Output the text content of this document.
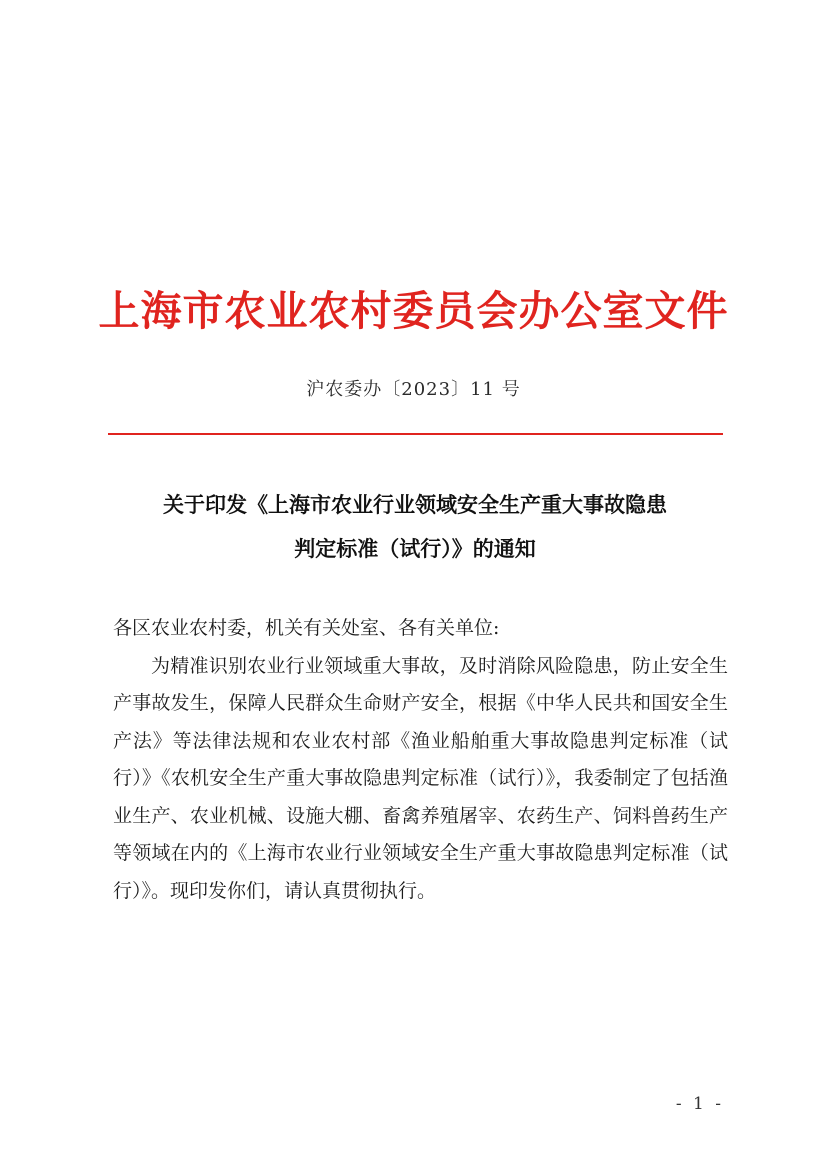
上海市农业农村委员会办公室文件
沪农委办〔2023〕11 号
关于印发《上海市农业行业领域安全生产重大事故隐患
判定标准（试行）》的通知

各区农业农村委，机关有关处室、各有关单位:

为精准识别农业行业领域重大事故，及时消除风险隐患，防止安全生产事故发生，保障人民群众生命财产安全，根据《中华人民共和国安全生产法》等法律法规和农业农村部《渔业船舶重大事故隐患判定标准（试行）》《农机安全生产重大事故隐患判定标准（试行）》，我委制定了包括渔业生产、农业机械、设施大棚、畜禽养殖屠宰、农药生产、饲料兽药生产等领域在内的《上海市农业行业领域安全生产重大事故隐患判定标准（试行）》。现印发你们，请认真贯彻执行。

- 1 -
